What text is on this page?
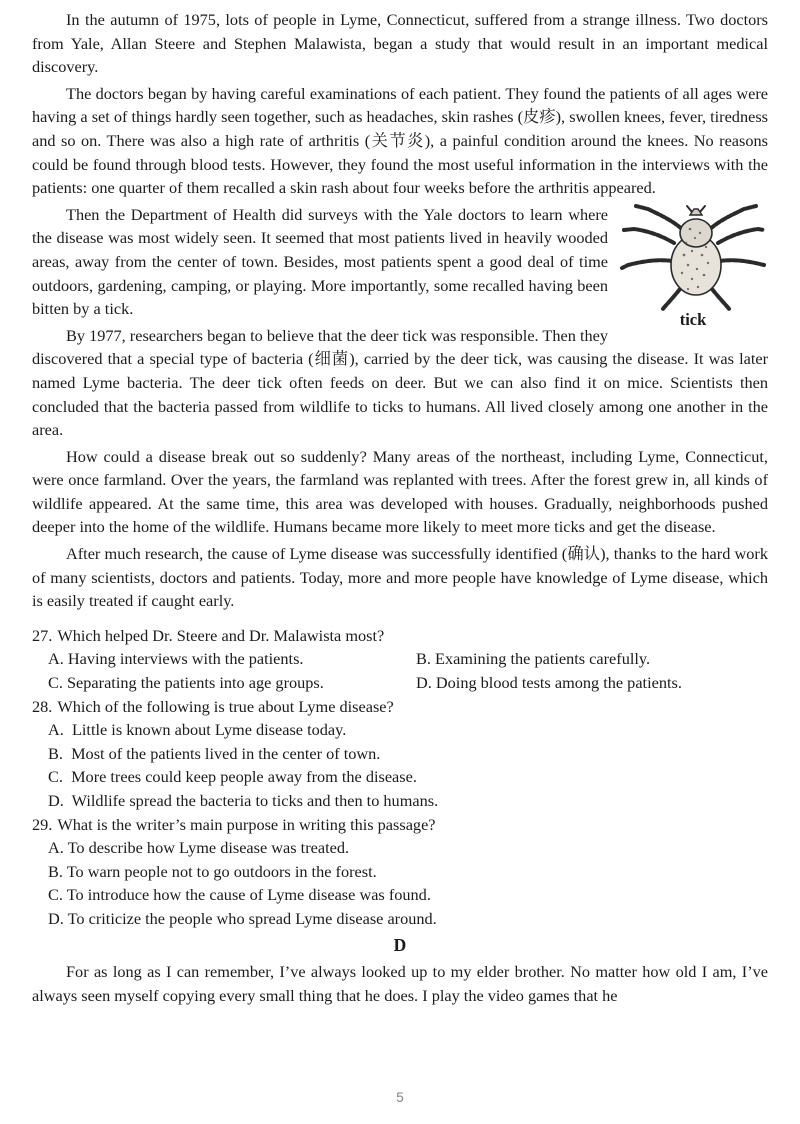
In the autumn of 1975, lots of people in Lyme, Connecticut, suffered from a strange illness. Two doctors from Yale, Allan Steere and Stephen Malawista, began a study that would result in an important medical discovery.

The doctors began by having careful examinations of each patient. They found the patients of all ages were having a set of things hardly seen together, such as headaches, skin rashes (皮疹), swollen knees, fever, tiredness and so on. There was also a high rate of arthritis (关节炎), a painful condition around the knees. No reasons could be found through blood tests. However, they found the most useful information in the interviews with the patients: one quarter of them recalled a skin rash about four weeks before the arthritis appeared.

tick

Then the Department of Health did surveys with the Yale doctors to learn where the disease was most widely seen. It seemed that most patients lived in heavily wooded areas, away from the center of town. Besides, most patients spent a good deal of time outdoors, gardening, camping, or playing. More importantly, some recalled having been bitten by a tick.

By 1977, researchers began to believe that the deer tick was responsible. Then they discovered that a special type of bacteria (细菌), carried by the deer tick, was causing the disease. It was later named Lyme bacteria. The deer tick often feeds on deer. But we can also find it on mice. Scientists then concluded that the bacteria passed from wildlife to ticks to humans. All lived closely among one another in the area.

How could a disease break out so suddenly? Many areas of the northeast, including Lyme, Connecticut, were once farmland. Over the years, the farmland was replanted with trees. After the forest grew in, all kinds of wildlife appeared. At the same time, this area was developed with houses. Gradually, neighborhoods pushed deeper into the home of the wildlife. Humans became more likely to meet more ticks and get the disease.

After much research, the cause of Lyme disease was successfully identified (确认), thanks to the hard work of many scientists, doctors and patients. Today, more and more people have knowledge of Lyme disease, which is easily treated if caught early.

27. Which helped Dr. Steere and Dr. Malawista most?
A. Having interviews with the patients.	B. Examining the patients carefully.
C. Separating the patients into age groups.	D. Doing blood tests among the patients.
28. Which of the following is true about Lyme disease?
A.  Little is known about Lyme disease today.
B.  Most of the patients lived in the center of town.
C.  More trees could keep people away from the disease.
D.  Wildlife spread the bacteria to ticks and then to humans.
29. What is the writer’s main purpose in writing this passage?
A. To describe how Lyme disease was treated.
B. To warn people not to go outdoors in the forest.
C. To introduce how the cause of Lyme disease was found.
D. To criticize the people who spread Lyme disease around.
D

For as long as I can remember, I’ve always looked up to my elder brother. No matter how old I am, I’ve always seen myself copying every small thing that he does. I play the video games that he

5
